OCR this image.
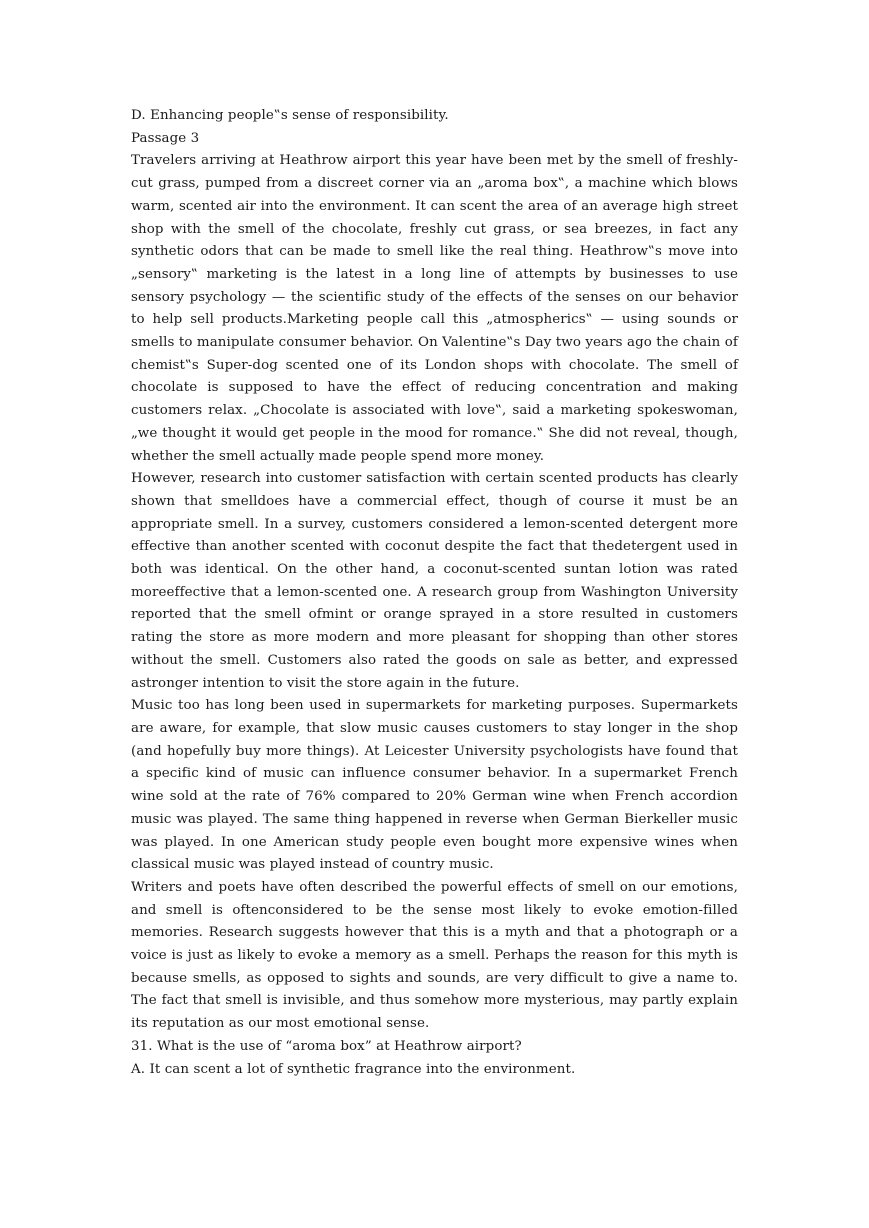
D. Enhancing people‟s sense of responsibility.

Passage 3

Travelers arriving at Heathrow airport this year have been met by the smell of freshly-cut grass, pumped from a discreet corner via an „aroma box‟, a machine which blows warm, scented air into the environment. It can scent the area of an average high street shop with the smell of the chocolate, freshly cut grass, or sea breezes, in fact any synthetic odors that can be made to smell like the real thing. Heathrow‟s move into „sensory‟ marketing is the latest in a long line of attempts by businesses to use sensory psychology — the scientific study of the effects of the senses on our behavior to help sell products.Marketing people call this „atmospherics‟ — using sounds or smells to manipulate consumer behavior. On Valentine‟s Day two years ago the chain of chemist‟s Super-dog scented one of its London shops with chocolate. The smell of chocolate is supposed to have the effect of reducing concentration and making customers relax. „Chocolate is associated with love‟, said a marketing spokeswoman, „we thought it would get people in the mood for romance.‟ She did not reveal, though, whether the smell actually made people spend more money.

However, research into customer satisfaction with certain scented products has clearly shown that smelldoes have a commercial effect, though of course it must be an appropriate smell. In a survey, customers considered a lemon-scented detergent more effective than another scented with coconut despite the fact that thedetergent used in both was identical. On the other hand, a coconut-scented suntan lotion was rated moreeffective that a lemon-scented one. A research group from Washington University reported that the smell ofmint or orange sprayed in a store resulted in customers rating the store as more modern and more pleasant for shopping than other stores without the smell. Customers also rated the goods on sale as better, and expressed astronger intention to visit the store again in the future.

Music too has long been used in supermarkets for marketing purposes. Supermarkets are aware, for example, that slow music causes customers to stay longer in the shop (and hopefully buy more things). At Leicester University psychologists have found that a specific kind of music can influence consumer behavior. In a supermarket French wine sold at the rate of 76% compared to 20% German wine when French accordion music was played. The same thing happened in reverse when German Bierkeller music was played. In one American study people even bought more expensive wines when classical music was played instead of country music.

Writers and poets have often described the powerful effects of smell on our emotions, and smell is oftenconsidered to be the sense most likely to evoke emotion-filled memories. Research suggests however that this is a myth and that a photograph or a voice is just as likely to evoke a memory as a smell. Perhaps the reason for this myth is because smells, as opposed to sights and sounds, are very difficult to give a name to. The fact that smell is invisible, and thus somehow more mysterious, may partly explain its reputation as our most emotional sense.

31. What is the use of “aroma box” at Heathrow airport?

A. It can scent a lot of synthetic fragrance into the environment.
